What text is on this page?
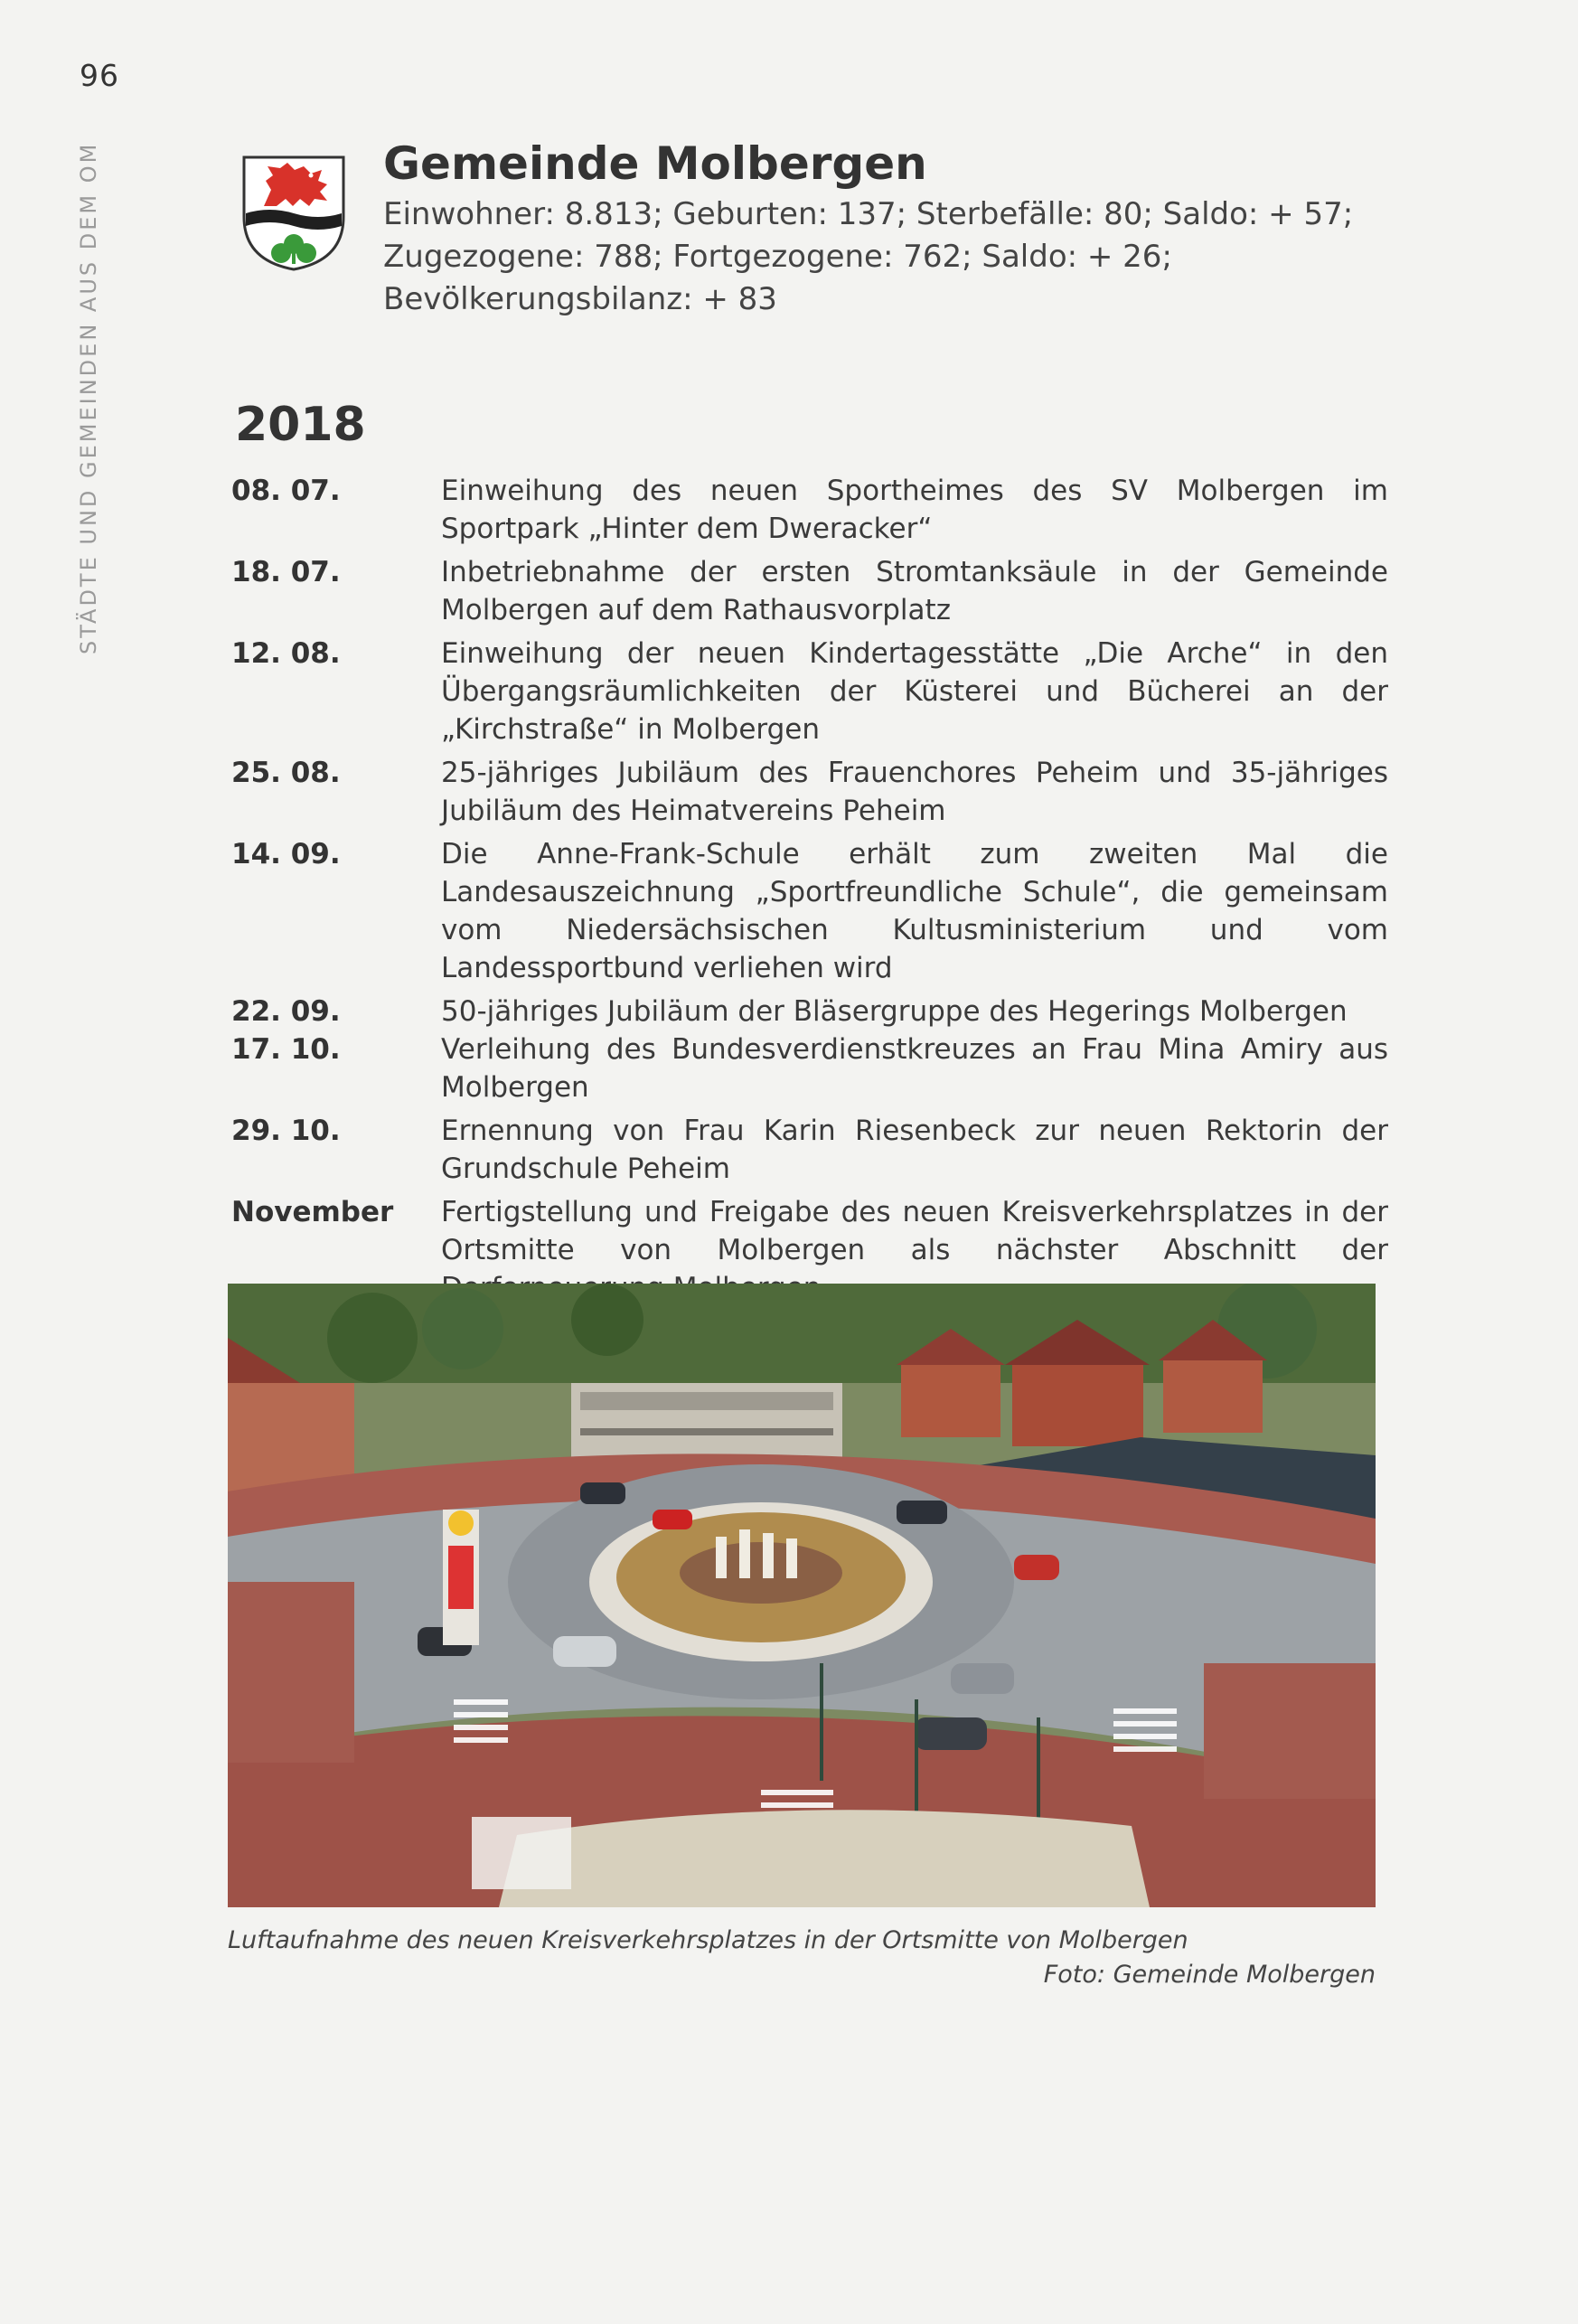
96
STÄDTE UND GEMEINDEN AUS DEM OM	Gemeinde Molbergen
Einwohner: 8.813; Geburten: 137; Sterbefälle: 80; Saldo: + 57;
Zugezogene: 788; Fortgezogene: 762; Saldo: + 26;
Bevölkerungsbilanz: + 83
2018
08. 07.	Einweihung des neuen Sportheimes des SV Molbergen im Sportpark „Hinter dem Dweracker“
18. 07.	Inbetriebnahme der ersten Stromtanksäule in der Gemeinde Molbergen auf dem Rathausvorplatz
12. 08.	Einweihung der neuen Kindertagesstätte „Die Arche“ in den Übergangsräumlichkeiten der Küsterei und Bücherei an der „Kirchstraße“ in Molbergen
25. 08.	25-jähriges Jubiläum des Frauenchores Peheim und 35-jähriges Jubiläum des Heimatvereins Peheim
14. 09.	Die Anne-Frank-Schule erhält zum zweiten Mal die Landesauszeichnung „Sportfreundliche Schule“, die gemeinsam vom Niedersächsischen Kultusministerium und vom Landessportbund verliehen wird
22. 09.	50-jähriges Jubiläum der Bläsergruppe des Hegerings Molbergen
17. 10.	Verleihung des Bundesverdienstkreuzes an Frau Mina Amiry aus Molbergen
29. 10.	Ernennung von Frau Karin Riesenbeck zur neuen Rektorin der Grundschule Peheim
November	Fertigstellung und Freigabe des neuen Kreisverkehrsplatzes in der Ortsmitte von Molbergen als nächster Abschnitt der
Luftaufnahme des neuen Kreisverkehrsplatzes in der Ortsmitte von Molbergen
Foto: Gemeinde Molbergen
